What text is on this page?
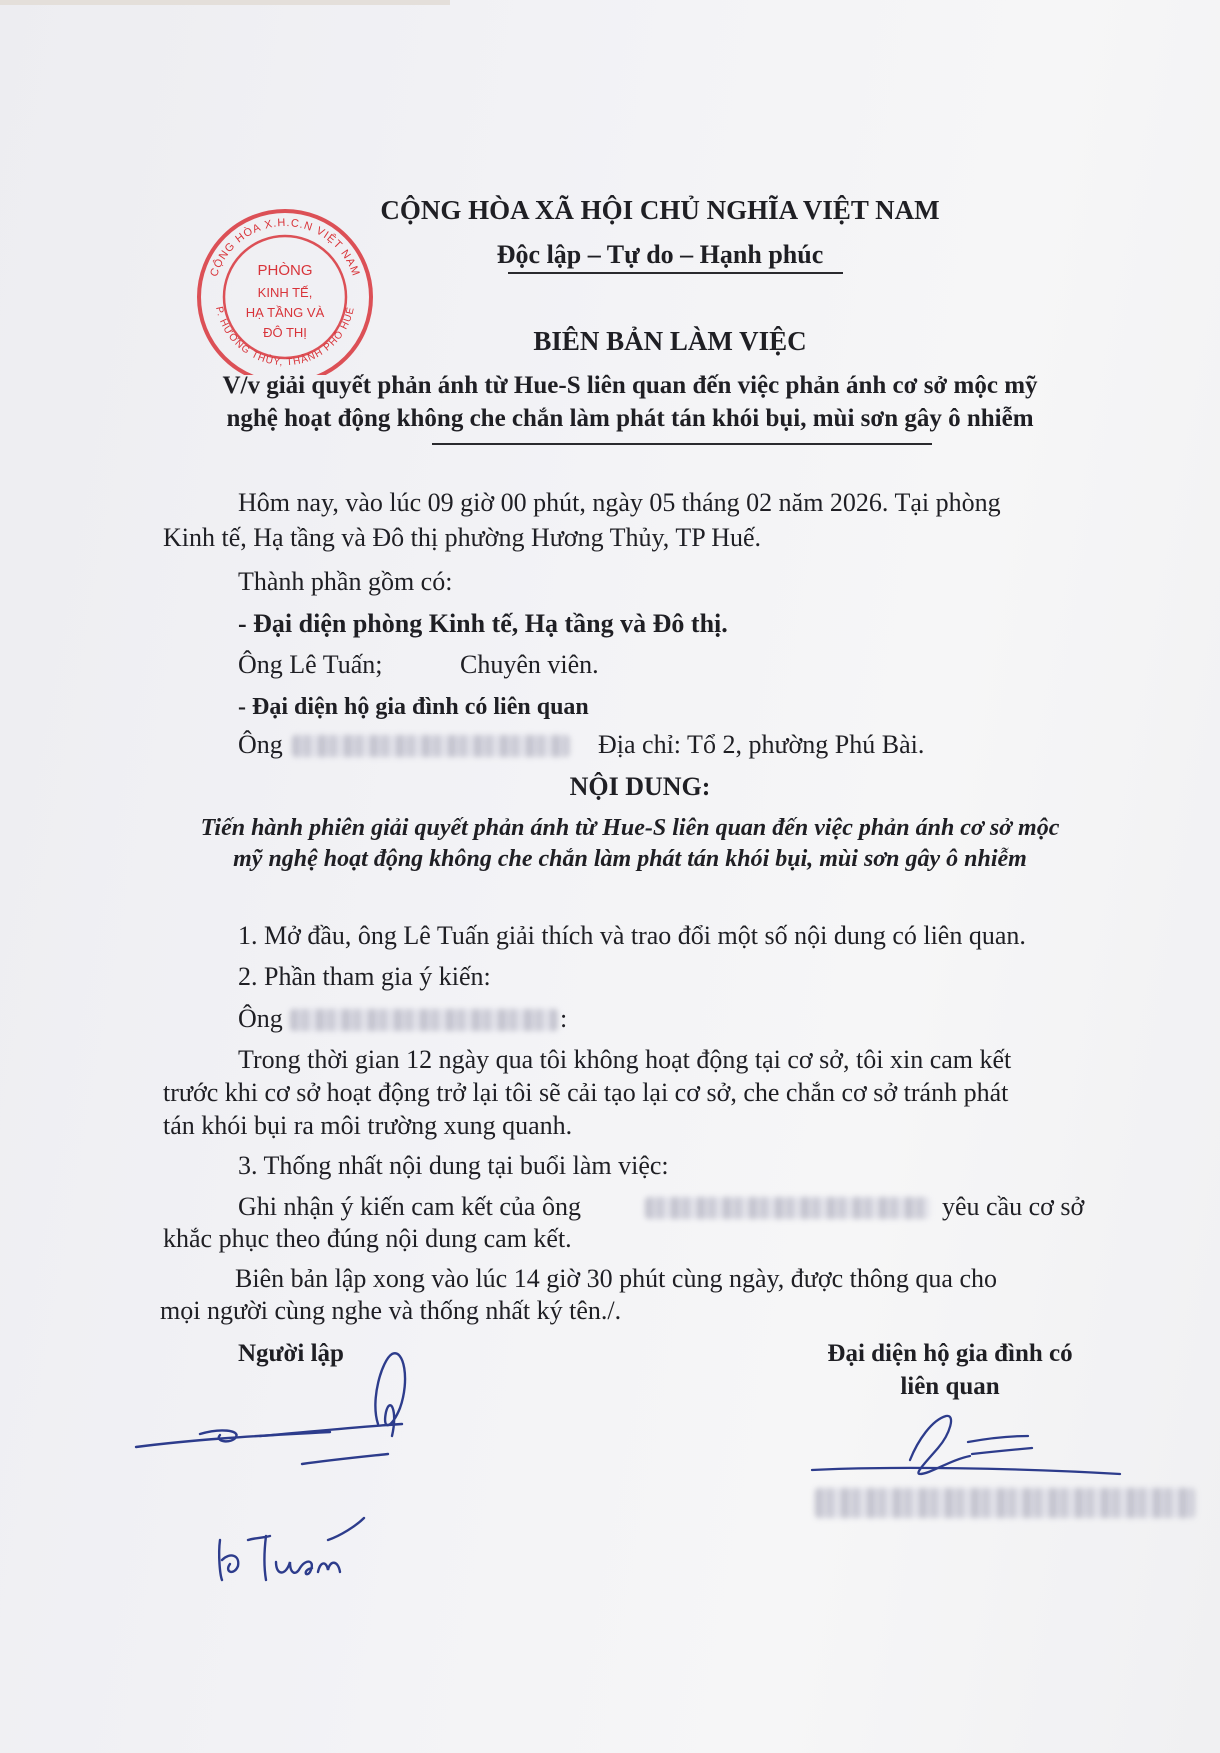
CỘNG HÒA X.H.C.N VIỆT NAM
P. HƯƠNG THỦY, THÀNH PHỐ HUẾ
PHÒNG
KINH TẾ,
HẠ TẦNG VÀ
ĐÔ THỊ
CỘNG HÒA XÃ HỘI CHỦ NGHĨA VIỆT NAM
Độc lập – Tự do – Hạnh phúc
BIÊN BẢN LÀM VIỆC
V/v giải quyết phản ánh từ Hue-S liên quan đến việc phản ánh cơ sở mộc mỹ
nghệ hoạt động không che chắn làm phát tán khói bụi, mùi sơn gây ô nhiễm
Hôm nay, vào lúc 09 giờ 00 phút, ngày 05 tháng 02 năm 2026. Tại phòng
Kinh tế, Hạ tầng và Đô thị phường Hương Thủy, TP Huế.
Thành phần gồm có:
- Đại diện phòng Kinh tế, Hạ tầng và Đô thị.
Ông Lê Tuấn;	Chuyên viên.
- Đại diện hộ gia đình có liên quan
Ông	Địa chỉ: Tổ 2, phường Phú Bài.
NỘI DUNG:
Tiến hành phiên giải quyết phản ánh từ Hue-S liên quan đến việc phản ánh cơ sở mộc
mỹ nghệ hoạt động không che chắn làm phát tán khói bụi, mùi sơn gây ô nhiễm
1. Mở đầu, ông Lê Tuấn giải thích và trao đổi một số nội dung có liên quan.
2. Phần tham gia ý kiến:
Ông	:
Trong thời gian 12 ngày qua tôi không hoạt động tại cơ sở, tôi xin cam kết
trước khi cơ sở hoạt động trở lại tôi sẽ cải tạo lại cơ sở, che chắn cơ sở tránh phát
tán khói bụi ra môi trường xung quanh.
3. Thống nhất nội dung tại buổi làm việc:
Ghi nhận ý kiến cam kết của ông	yêu cầu cơ sở
khắc phục theo đúng nội dung cam kết.
Biên bản lập xong vào lúc 14 giờ 30 phút cùng ngày, được thông qua cho
mọi người cùng nghe và thống nhất ký tên./.
Người lập	Đại diện hộ gia đình có
liên quan
